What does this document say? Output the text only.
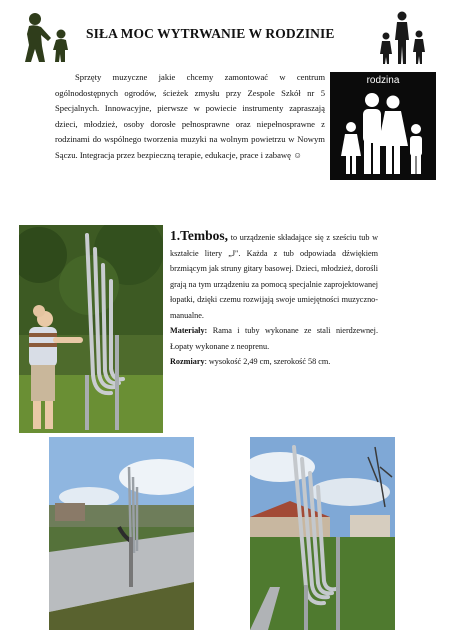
SIŁA MOC WYTRWANIE W RODZINIE
Sprzęty muzyczne jakie chcemy zamontować w centrum ogólnodostępnych ogrodów, ścieżek zmysłu przy Zespole Szkół nr 5 Specjalnych. Innowacyjne, pierwsze w powiecie instrumenty zapraszają dzieci, młodzież, osoby dorosłe pełnosprawne oraz niepełnosprawne z rodzinami do wspólnego tworzenia muzyki na wolnym powietrzu w Nowym Sączu. Integracja przez bezpieczną terapie, edukacje, prace i zabawę ☺
rodzina
1.Tembos, to urządzenie składające się z sześciu tub w kształcie litery „J". Każda z tub odpowiada dźwiękiem brzmiącym jak struny gitary basowej. Dzieci, młodzież, dorośli grają na tym urządzeniu za pomocą specjalnie zaprojektowanej łopatki, dzięki czemu rozwijają swoje umiejętności muzyczno-manualne.
Materiały: Rama i tuby wykonane ze stali nierdzewnej. Łopaty wykonane z neoprenu.
Rozmiary: wysokość 2,49 cm, szerokość 58 cm.
